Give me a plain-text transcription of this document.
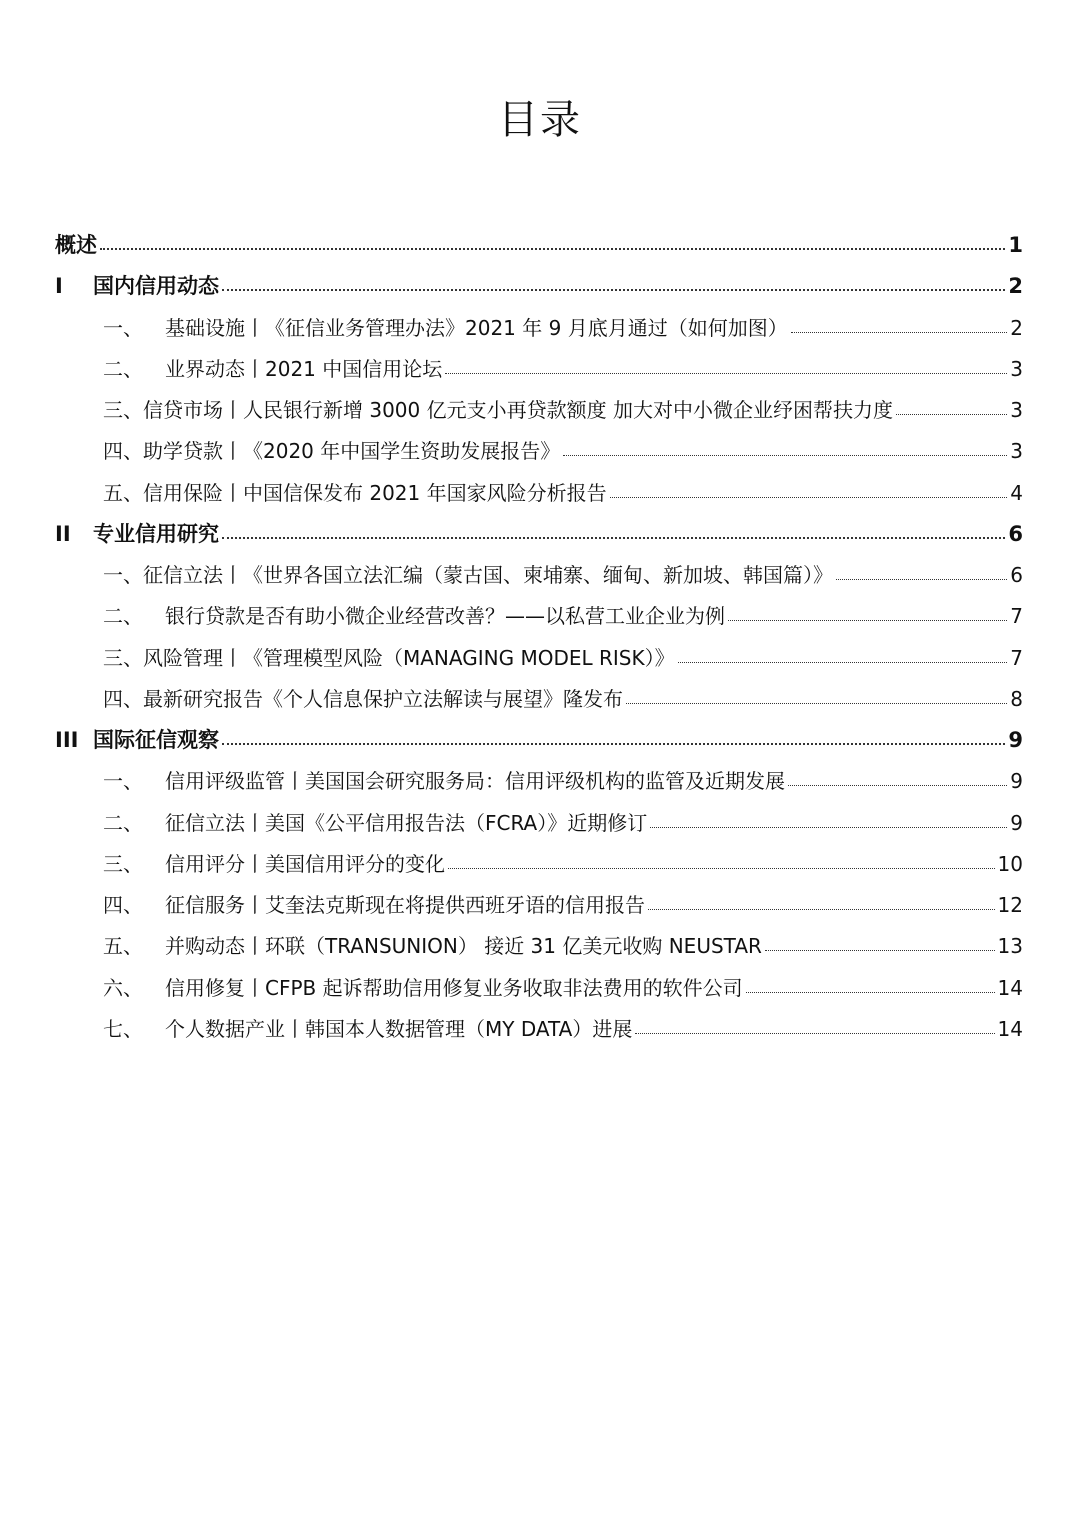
目录
概述	1
I	国内信用动态	2
一、	基础设施丨《征信业务管理办法》2021 年 9 月底月通过（如何加图）	2
二、	业界动态丨2021 中国信用论坛	3
三、 信贷市场丨人民银行新增 3000 亿元支小再贷款额度 加大对中小微企业纾困帮扶力度	3
四、 助学贷款丨《2020 年中国学生资助发展报告》	3
五、 信用保险丨中国信保发布 2021 年国家风险分析报告	4
II	专业信用研究	6
一、 征信立法丨《世界各国立法汇编（蒙古国、柬埔寨、缅甸、新加坡、韩国篇）》	6
二、	银行贷款是否有助小微企业经营改善？——以私营工业企业为例	7
三、 风险管理丨《管理模型风险（MANAGING MODEL RISK）》	7
四、 最新研究报告《个人信息保护立法解读与展望》隆发布	8
III 国际征信观察	9
一、	信用评级监管丨美国国会研究服务局：信用评级机构的监管及近期发展	9
二、	征信立法丨美国《公平信用报告法（FCRA）》近期修订	9
三、	信用评分丨美国信用评分的变化	10
四、	征信服务丨艾奎法克斯现在将提供西班牙语的信用报告	12
五、	并购动态丨环联（TRANSUNION） 接近 31 亿美元收购 NEUSTAR	13
六、	信用修复丨CFPB 起诉帮助信用修复业务收取非法费用的软件公司	14
七、	个人数据产业丨韩国本人数据管理（MY DATA）进展	14
